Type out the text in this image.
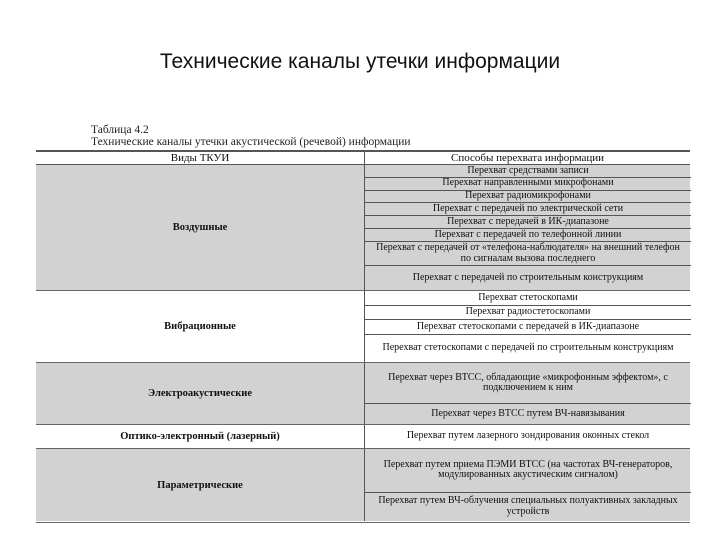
Технические каналы утечки информации
Таблица 4.2
Технические каналы утечки акустической (речевой) информации
Виды ТКУИ	Способы перехвата информации
Воздушные
Перехват средствами записи
Перехват направленными микрофонами
Перехват радиомикрофонами
Перехват с передачей по электрической сети
Перехват с передачей в ИК-диапазоне
Перехват с передачей по телефонной линии
Перехват с передачей от «телефона-наблюдателя» на внешний телефон по сигналам вызова последнего
Перехват с передачей по строительным конструкциям
Вибрационные
Перехват стетоскопами
Перехват радиостетоскопами
Перехват стетоскопами с передачей в ИК-диапазоне
Перехват стетоскопами с передачей по строительным конструкциям
Электроакустические
Перехват через ВТСС, обладающие «микрофонным эффектом», с подключением к ним
Перехват через ВТСС путем ВЧ-навязывания
Оптико-электронный (лазерный)	Перехват путем лазерного зондирования оконных стекол
Параметрические
Перехват путем приема ПЭМИ ВТСС (на частотах ВЧ-генераторов, модулированных акустическим сигналом)
Перехват путем ВЧ-облучения специальных полуактивных закладных устройств
